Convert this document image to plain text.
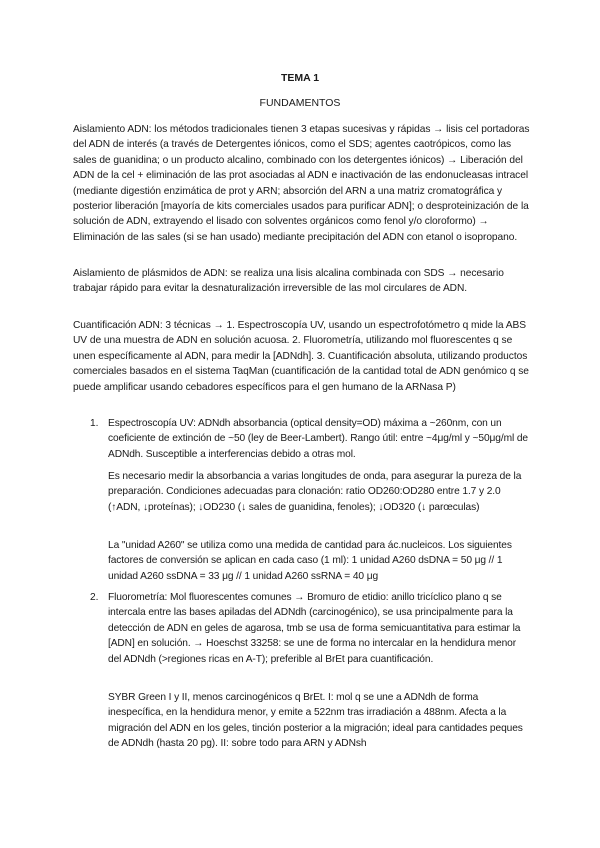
TEMA 1
FUNDAMENTOS
Aislamiento ADN: los métodos tradicionales tienen 3 etapas sucesivas y rápidas → lisis cel portadoras del ADN de interés (a través de Detergentes iónicos, como el SDS; agentes caotrópicos, como las sales de guanidina; o un producto alcalino, combinado con los detergentes iónicos) → Liberación del ADN de la cel + eliminación de las prot asociadas al ADN e inactivación de las endonucleasas intracel (mediante digestión enzimática de prot y ARN; absorción del ARN a una matriz cromatográfica y posterior liberación [mayoría de kits comerciales usados para purificar ADN]; o desproteinización de la solución de ADN, extrayendo el lisado con solventes orgánicos como fenol y/o cloroformo) → Eliminación de las sales (si se han usado) mediante precipitación del ADN con etanol o isopropano.
Aislamiento de plásmidos de ADN: se realiza una lisis alcalina combinada con SDS → necesario trabajar rápido para evitar la desnaturalización irreversible de las mol circulares de ADN.
Cuantificación ADN: 3 técnicas → 1. Espectroscopía UV, usando un espectrofotómetro q mide la ABS UV de una muestra de ADN en solución acuosa. 2. Fluorometría, utilizando mol fluorescentes q se unen específicamente al ADN, para medir la [ADNdh]. 3. Cuantificación absoluta, utilizando productos comerciales basados en el sistema TaqMan (cuantificación de la cantidad total de ADN genómico q se puede amplificar usando cebadores específicos para el gen humano de la ARNasa P)
1. Espectroscopía UV: ADNdh absorbancia (optical density=OD) máxima a ~260nm, con un coeficiente de extinción de ~50 (ley de Beer-Lambert). Rango útil: entre ~4μg/ml y ~50μg/ml de ADNdh. Susceptible a interferencias debido a otras mol.
Es necesario medir la absorbancia a varias longitudes de onda, para asegurar la pureza de la preparación. Condiciones adecuadas para clonación: ratio OD260:OD280 entre 1.7 y 2.0 (↑ADN, ↓proteínas); ↓OD230 (↓ sales de guanidina, fenoles); ↓OD320 (↓ parœculas)
La "unidad A260" se utiliza como una medida de cantidad para ác.nucleicos. Los siguientes factores de conversión se aplican en cada caso (1 ml): 1 unidad A260 dsDNA = 50 μg // 1 unidad A260 ssDNA = 33 μg // 1 unidad A260 ssRNA = 40 μg
2. Fluorometría: Mol fluorescentes comunes → Bromuro de etidio: anillo tricíclico plano q se intercala entre las bases apiladas del ADNdh (carcinogénico), se usa principalmente para la detección de ADN en geles de agarosa, tmb se usa de forma semicuantitativa para estimar la [ADN] en solución. → Hoeschst 33258: se une de forma no intercalar en la hendidura menor del ADNdh (>regiones ricas en A-T); preferible al BrEt para cuantificación.
SYBR Green I y II, menos carcinogénicos q BrEt. I: mol q se une a ADNdh de forma inespecífica, en la hendidura menor, y emite a 522nm tras irradiación a 488nm. Afecta a la migración del ADN en los geles, tinción posterior a la migración; ideal para cantidades peques de ADNdh (hasta 20 pg). II: sobre todo para ARN y ADNsh
